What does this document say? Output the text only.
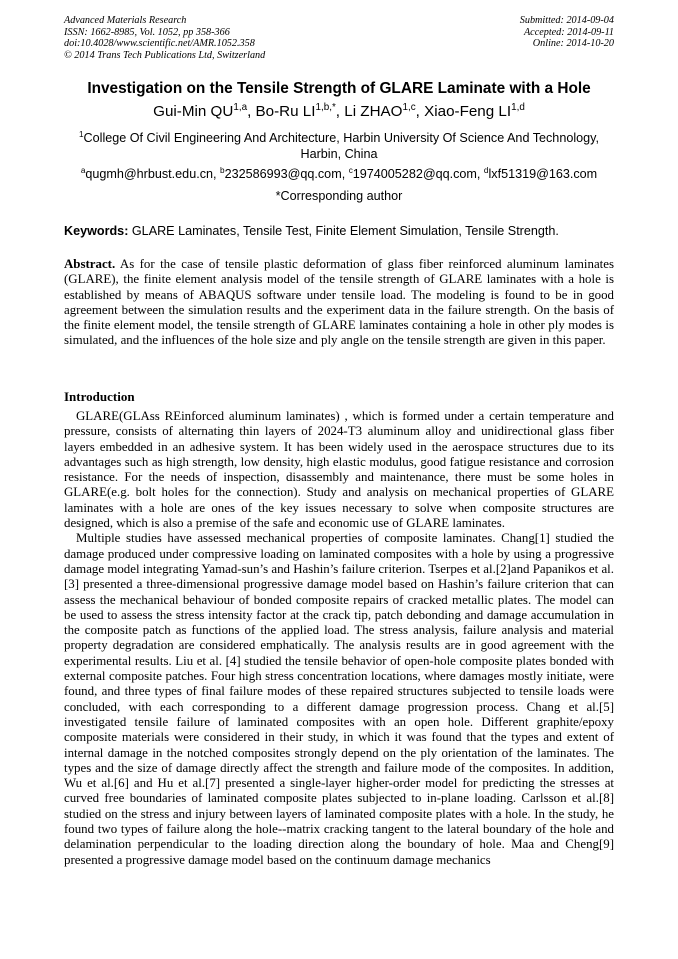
Advanced Materials Research
ISSN: 1662-8985, Vol. 1052, pp 358-366
doi:10.4028/www.scientific.net/AMR.1052.358
© 2014 Trans Tech Publications Ltd, Switzerland
Submitted: 2014-09-04
Accepted: 2014-09-11
Online: 2014-10-20
Investigation on the Tensile Strength of GLARE Laminate with a Hole
Gui-Min QU$^{1,a}$, Bo-Ru $LI^{1,b,*}$, Li ZHAO$^{1,c}$, Xiao-Feng LI$^{1,d}$
$^1$College Of Civil Engineering And Architecture, Harbin University Of Science And Technology, Harbin, China
$^a$qugmh@hrbust.edu.cn, $^b$232586993@qq.com, $^c$1974005282@qq.com, $^d$lxf51319@163.com
*Corresponding author
Keywords: GLARE Laminates, Tensile Test, Finite Element Simulation, Tensile Strength.
Abstract. As for the case of tensile plastic deformation of glass fiber reinforced aluminum laminates (GLARE), the finite element analysis model of the tensile strength of GLARE laminates with a hole is established by means of ABAQUS software under tensile load. The modeling is found to be in good agreement between the simulation results and the experiment data in the failure strength. On the basis of the finite element model, the tensile strength of GLARE laminates containing a hole in other ply modes is simulated, and the influences of the hole size and ply angle on the tensile strength are given in this paper.
Introduction

GLARE(GLAss REinforced aluminum laminates) , which is formed under a certain temperature and pressure, consists of alternating thin layers of 2024-T3 aluminum alloy and unidirectional glass fiber layers embedded in an adhesive system. It has been widely used in the aerospace structures due to its advantages such as high strength, low density, high elastic modulus, good fatigue resistance and corrosion resistance. For the needs of inspection, disassembly and maintenance, there must be some holes in GLARE(e.g. bolt holes for the connection). Study and analysis on mechanical properties of GLARE laminates with a hole are ones of the key issues necessary to solve when composite structures are designed, which is also a premise of the safe and economic use of GLARE laminates.

Multiple studies have assessed mechanical properties of composite laminates. Chang[1] studied the damage produced under compressive loading on laminated composites with a hole by using a progressive damage model integrating Yamad-sun’s and Hashin’s failure criterion. Tserpes et al.[2]and Papanikos et al.[3] presented a three-dimensional progressive damage model based on Hashin’s failure criterion that can assess the mechanical behaviour of bonded composite repairs of cracked metallic plates. The model can be used to assess the stress intensity factor at the crack tip, patch debonding and damage accumulation in the composite patch as functions of the applied load. The stress analysis, failure analysis and material property degradation are considered emphatically. The analysis results are in good agreement with the experimental results. Liu et al. [4] studied the tensile behavior of open-hole composite plates bonded with external composite patches. Four high stress concentration locations, where damages mostly initiate, were found, and three types of final failure modes of these repaired structures subjected to tensile loads were concluded, with each corresponding to a different damage progression process. Chang et al.[5] investigated tensile failure of laminated composites with an open hole. Different graphite/epoxy composite materials were considered in their study, in which it was found that the types and extent of internal damage in the notched composites strongly depend on the ply orientation of the laminates. The types and the size of damage directly affect the strength and failure mode of the composites. In addition, Wu et al.[6] and Hu et al.[7] presented a single-layer higher-order model for predicting the stresses at curved free boundaries of laminated composite plates subjected to in-plane loading. Carlsson et al.[8] studied on the stress and injury between layers of laminated composite plates with a hole. In the study, he found two types of failure along the hole--matrix cracking tangent to the lateral boundary of the hole and delamination perpendicular to the loading direction along the boundary of hole. Maa and Cheng[9] presented a progressive damage model based on the continuum damage mechanics
